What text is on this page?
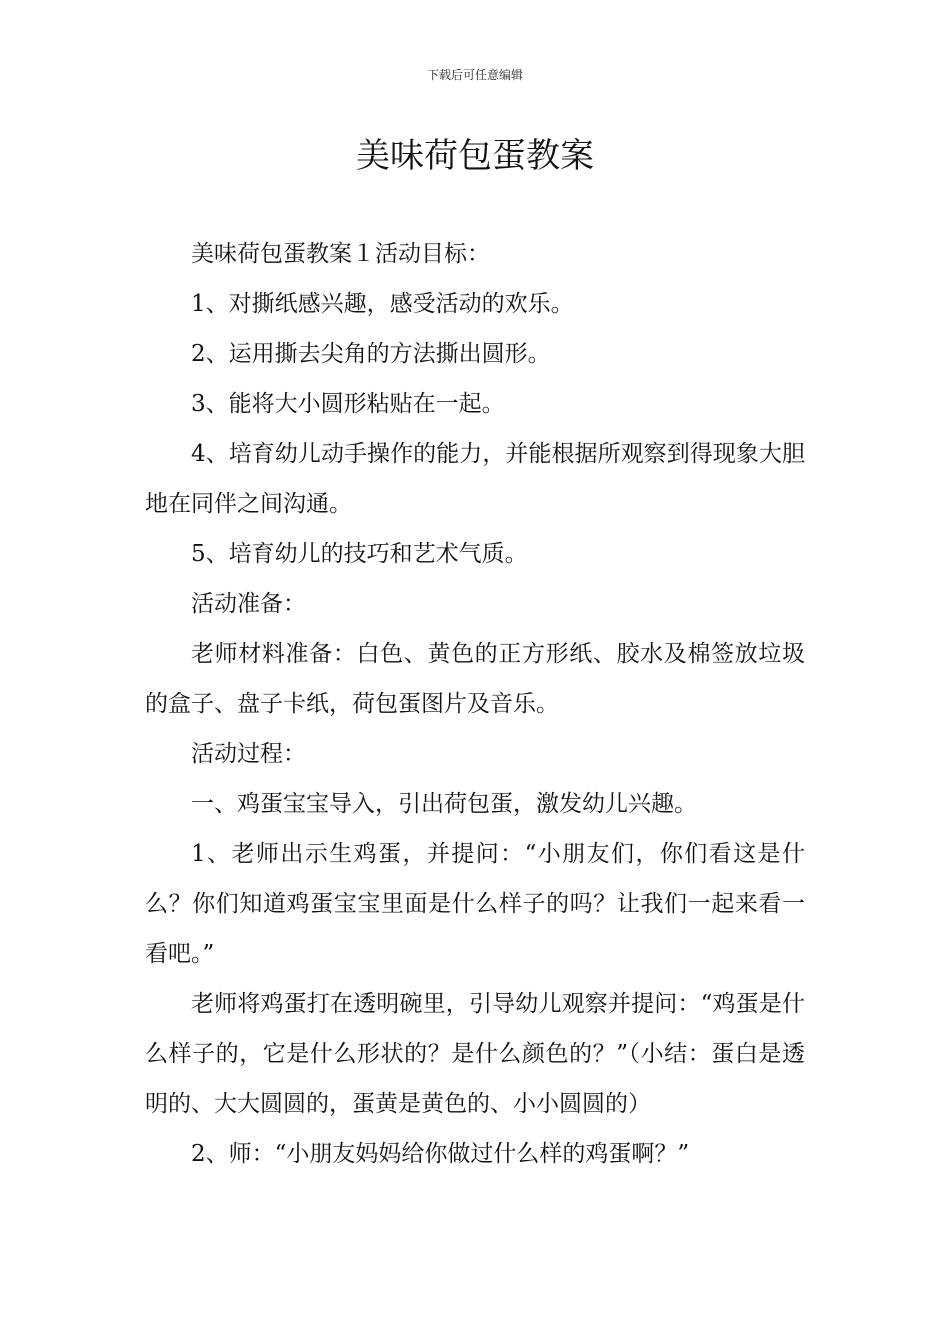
下载后可任意编辑
美味荷包蛋教案

美味荷包蛋教案１活动目标：

1、对撕纸感兴趣，感受活动的欢乐。

2、运用撕去尖角的方法撕出圆形。

3、能将大小圆形粘贴在一起。

4、培育幼儿动手操作的能力，并能根据所观察到得现象大胆地在同伴之间沟通。

5、培育幼儿的技巧和艺术气质。

活动准备：

老师材料准备：白色、黄色的正方形纸、胶水及棉签放垃圾的盒子、盘子卡纸，荷包蛋图片及音乐。

活动过程：

一、鸡蛋宝宝导入，引出荷包蛋，激发幼儿兴趣。

1、老师出示生鸡蛋，并提问：“小朋友们，你们看这是什么？你们知道鸡蛋宝宝里面是什么样子的吗？让我们一起来看一看吧。”

老师将鸡蛋打在透明碗里，引导幼儿观察并提问：“鸡蛋是什么样子的，它是什么形状的？是什么颜色的？”（小结：蛋白是透明的、大大圆圆的，蛋黄是黄色的、小小圆圆的）

2、师：“小朋友妈妈给你做过什么样的鸡蛋啊？”
